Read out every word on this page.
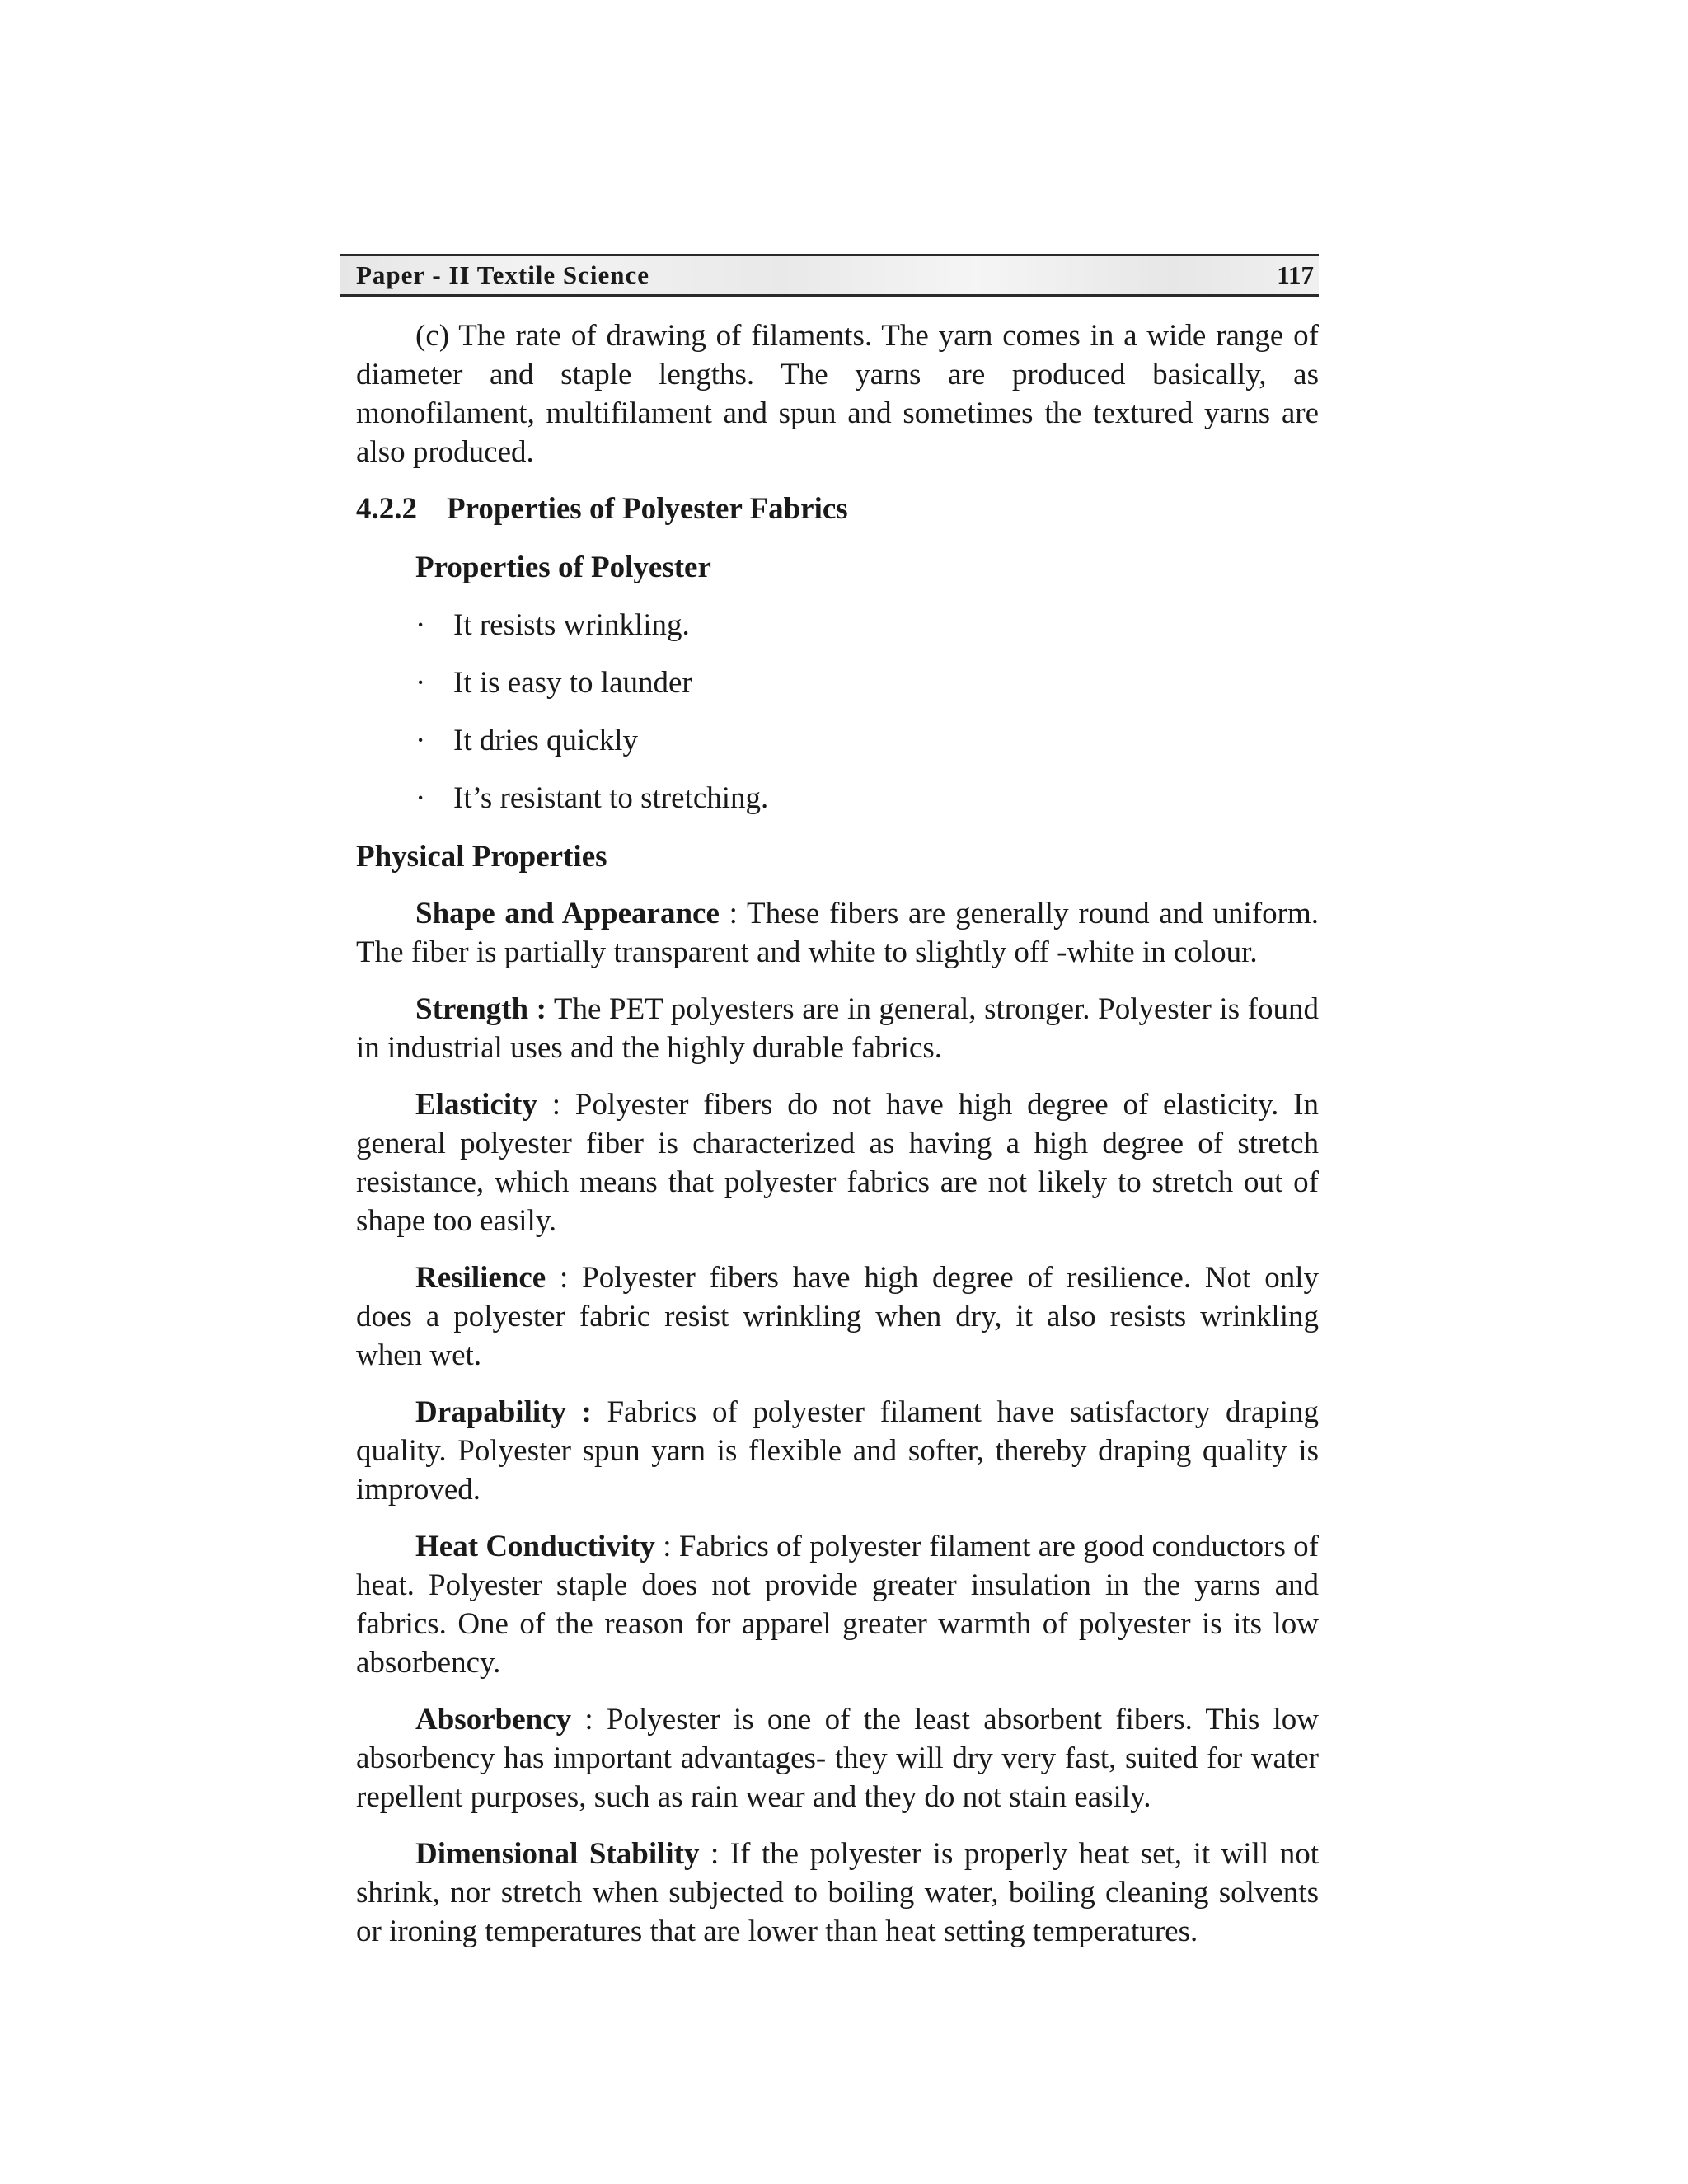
Paper - II Textile Science	117

(c) The rate of drawing of filaments. The yarn comes in a wide range of diameter and staple lengths. The yarns are produced basically, as monofilament, multifilament and spun and sometimes the textured yarns are also produced.

4.2.2 Properties of Polyester Fabrics
Properties of Polyester
· It resists wrinkling.
· It is easy to launder
· It dries quickly
· It’s resistant to stretching.
Physical Properties

Shape and Appearance : These fibers are generally round and uniform. The fiber is partially transparent and white to slightly off -white in colour.

Strength : The PET polyesters are in general, stronger. Polyester is found in industrial uses and the highly durable fabrics.

Elasticity : Polyester fibers do not have high degree of elasticity. In general polyester fiber is characterized as having a high degree of stretch resistance, which means that polyester fabrics are not likely to stretch out of shape too easily.

Resilience : Polyester fibers have high degree of resilience. Not only does a polyester fabric resist wrinkling when dry, it also resists wrinkling when wet.

Drapability : Fabrics of polyester filament have satisfactory draping quality. Polyester spun yarn is flexible and softer, thereby draping quality is improved.

Heat Conductivity : Fabrics of polyester filament are good conductors of heat. Polyester staple does not provide greater insulation in the yarns and fabrics. One of the reason for apparel greater warmth of polyester is its low absorbency.

Absorbency : Polyester is one of the least absorbent fibers. This low absorbency has important advantages- they will dry very fast, suited for water repellent purposes, such as rain wear and they do not stain easily.

Dimensional Stability : If the polyester is properly heat set, it will not shrink, nor stretch when subjected to boiling water, boiling cleaning solvents or ironing temperatures that are lower than heat setting temperatures.
